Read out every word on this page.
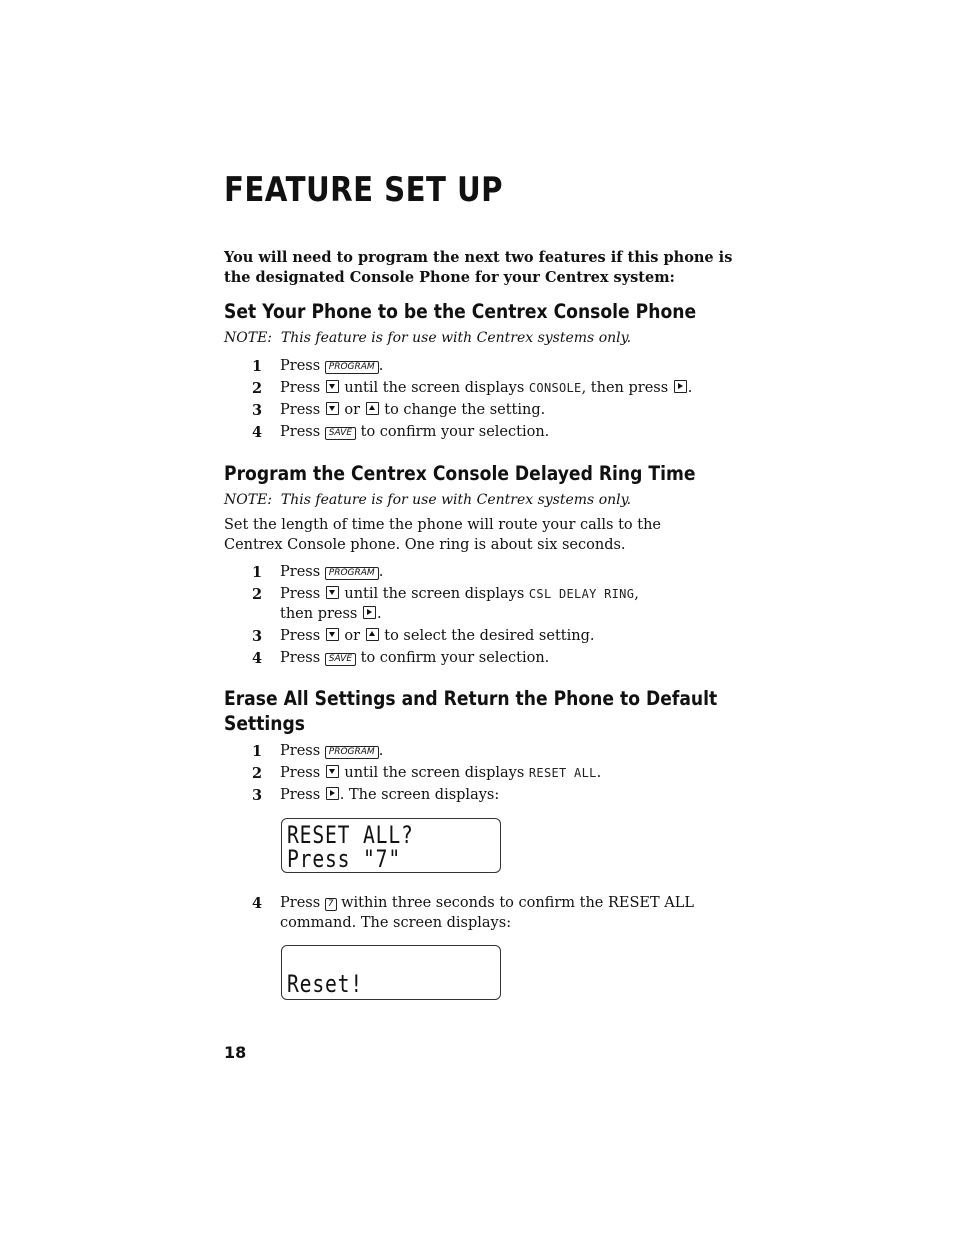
FEATURE SET UP

You will need to program the next two features if this phone is the designated Console Phone for your Centrex system:

Set Your Phone to be the Centrex Console Phone

NOTE: This feature is for use with Centrex systems only.

1 Press PROGRAM .
2 Press until the screen displays CONSOLE, then press .
3 Press or to change the setting.
4 Press SAVE to confirm your selection.
Program the Centrex Console Delayed Ring Time

NOTE: This feature is for use with Centrex systems only.

Set the length of time the phone will route your calls to the Centrex Console phone. One ring is about six seconds.

1 Press PROGRAM .
2 Press until the screen displays CSL DELAY RING, then press .
3 Press or to select the desired setting.
4 Press SAVE to confirm your selection.
Erase All Settings and Return the Phone to Default
Settings
1 Press PROGRAM .
2 Press until the screen displays RESET ALL.
3 Press . The screen displays:
RESET ALL?
Press "7"
4 Press 7 within three seconds to confirm the RESET ALL command. The screen displays:
Reset!
18
